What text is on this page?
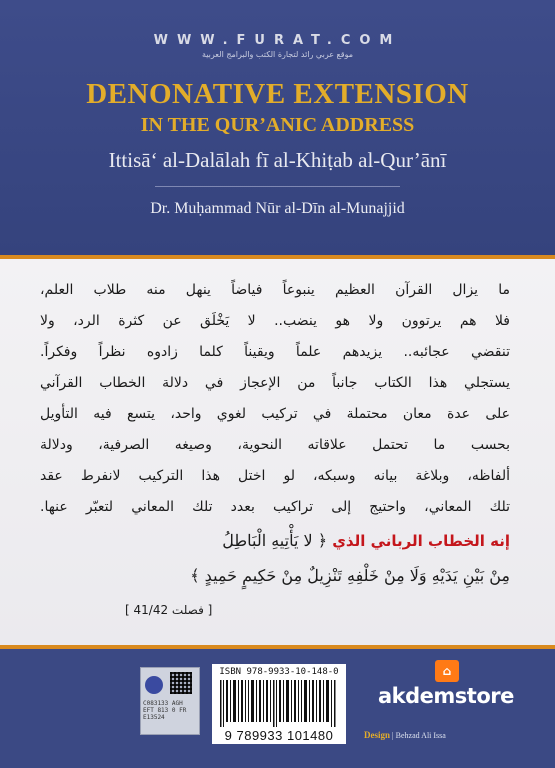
WWW.FURAT.COM
موقع عربي رائد لتجارة الكتب والبرامج العربية
DENONATIVE EXTENSION
IN THE QUR’ANIC ADDRESS
Ittisāʻ al-Dalālah fī al-Khiṭab al-Qur’ānī
Dr. Muḥammad Nūr al-Dīn al-Munajjid
ما يزال القرآن العظيم ينبوعاً فياضاً ينهل منه طلاب العلم،
فلا هم يرتوون ولا هو ينضب.. لا يَخْلَق عن كثرة الرد، ولا
تنقضي عجائبه.. يزيدهم علماً ويقيناً كلما زادوه نظراً وفكراً.
يستجلي هذا الكتاب جانباً من الإعجاز في دلالة الخطاب القرآني
على عدة معان محتملة في تركيب لغوي واحد، يتسع فيه التأويل
بحسب ما تحتمل علاقاته النحوية، وصيغه الصرفية، ودلالة
ألفاظه، وبلاغة بيانه وسبكه، لو اختل هذا التركيب لانفرط عقد
تلك المعاني، واحتيج إلى تراكيب بعدد تلك المعاني لتعبّر عنها.
إنه الخطاب الرباني الذي ﴿ لا يَأْتِيهِ الْبَاطِلُ
مِنْ بَيْنِ يَدَيْهِ وَلَا مِنْ خَلْفِهِ تَنْزِيلٌ مِنْ حَكِيمٍ حَمِيدٍ ﴾
[ فصلت 41/42 ]
C083133 AGH EFT 813 0 FR E13524
ISBN 978-9933-10-148-0
9 789933 101480
⌂
akdemstore
Design | Behzad Ali Issa
